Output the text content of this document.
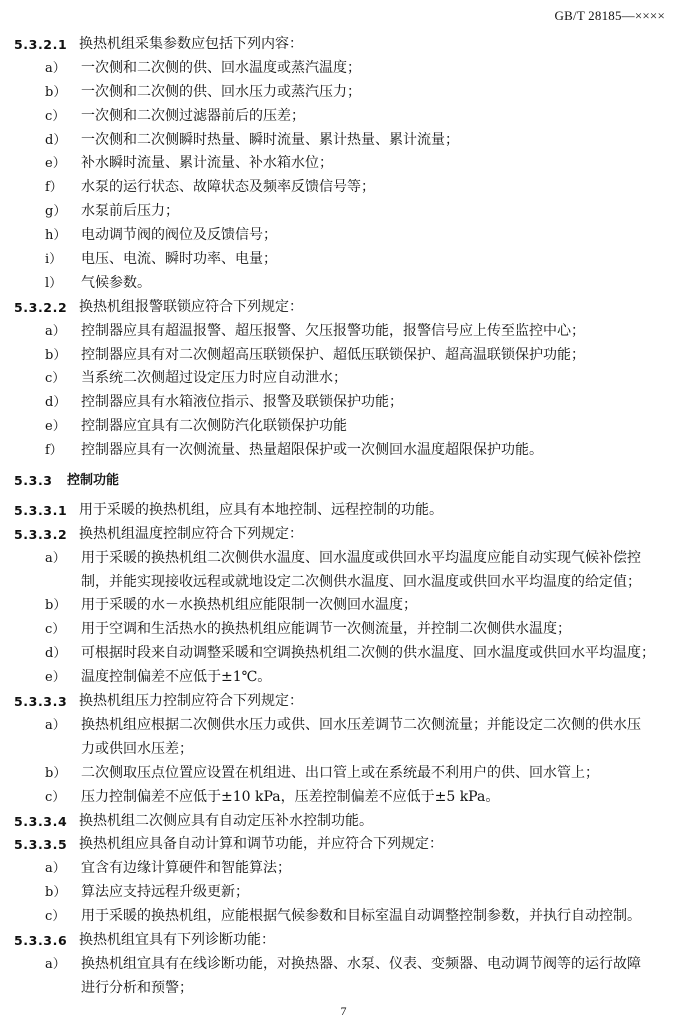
GB/T 28185—××××
5.3.2.1 换热机组采集参数应包括下列内容：
a） 一次侧和二次侧的供、回水温度或蒸汽温度；
b） 一次侧和二次侧的供、回水压力或蒸汽压力；
c） 一次侧和二次侧过滤器前后的压差；
d） 一次侧和二次侧瞬时热量、瞬时流量、累计热量、累计流量；
e） 补水瞬时流量、累计流量、补水箱水位；
f） 水泵的运行状态、故障状态及频率反馈信号等；
g） 水泵前后压力；
h） 电动调节阀的阀位及反馈信号；
i） 电压、电流、瞬时功率、电量；
l） 气候参数。
5.3.2.2 换热机组报警联锁应符合下列规定：
a） 控制器应具有超温报警、超压报警、欠压报警功能，报警信号应上传至监控中心；
b） 控制器应具有对二次侧超高压联锁保护、超低压联锁保护、超高温联锁保护功能；
c） 当系统二次侧超过设定压力时应自动泄水；
d） 控制器应具有水箱液位指示、报警及联锁保护功能；
e） 控制器应宜具有二次侧防汽化联锁保护功能
f） 控制器应具有一次侧流量、热量超限保护或一次侧回水温度超限保护功能。
5.3.3 控制功能
5.3.3.1 用于采暖的换热机组，应具有本地控制、远程控制的功能。
5.3.3.2 换热机组温度控制应符合下列规定：
a） 用于采暖的换热机组二次侧供水温度、回水温度或供回水平均温度应能自动实现气候补偿控
制，并能实现接收远程或就地设定二次侧供水温度、回水温度或供回水平均温度的给定值；
b） 用于采暖的水－水换热机组应能限制一次侧回水温度；
c） 用于空调和生活热水的换热机组应能调节一次侧流量，并控制二次侧供水温度；
d） 可根据时段来自动调整采暖和空调换热机组二次侧的供水温度、回水温度或供回水平均温度；
e） 温度控制偏差不应低于±1℃。
5.3.3.3 换热机组压力控制应符合下列规定：
a） 换热机组应根据二次侧供水压力或供、回水压差调节二次侧流量；并能设定二次侧的供水压
力或供回水压差；
b） 二次侧取压点位置应设置在机组进、出口管上或在系统最不利用户的供、回水管上；
c） 压力控制偏差不应低于±10 kPa，压差控制偏差不应低于±5 kPa。
5.3.3.4 换热机组二次侧应具有自动定压补水控制功能。
5.3.3.5 换热机组应具备自动计算和调节功能，并应符合下列规定：
a） 宜含有边缘计算硬件和智能算法；
b） 算法应支持远程升级更新；
c） 用于采暖的换热机组，应能根据气候参数和目标室温自动调整控制参数，并执行自动控制。
5.3.3.6 换热机组宜具有下列诊断功能：
a） 换热机组宜具有在线诊断功能，对换热器、水泵、仪表、变频器、电动调节阀等的运行故障
进行分析和预警；
7
